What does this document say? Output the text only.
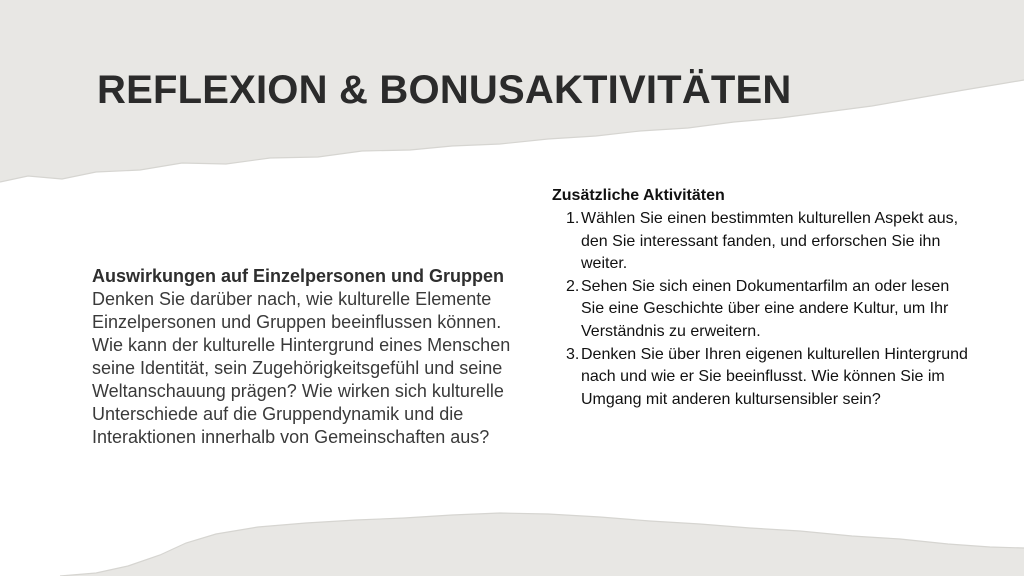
REFLEXION & BONUSAKTIVITÄTEN
Auswirkungen auf Einzelpersonen und Gruppen

Denken Sie darüber nach, wie kulturelle Elemente Einzelpersonen und Gruppen beeinflussen können. Wie kann der kulturelle Hintergrund eines Menschen seine Identität, sein Zugehörigkeitsgefühl und seine Weltanschauung prägen? Wie wirken sich kulturelle Unterschiede auf die Gruppendynamik und die Interaktionen innerhalb von Gemeinschaften aus?

Zusätzliche Aktivitäten
1. Wählen Sie einen bestimmten kulturellen Aspekt aus, den Sie interessant fanden, und erforschen Sie ihn weiter.
2. Sehen Sie sich einen Dokumentarfilm an oder lesen Sie eine Geschichte über eine andere Kultur, um Ihr Verständnis zu erweitern.
3. Denken Sie über Ihren eigenen kulturellen Hintergrund nach und wie er Sie beeinflusst. Wie können Sie im Umgang mit anderen kultursensibler sein?
